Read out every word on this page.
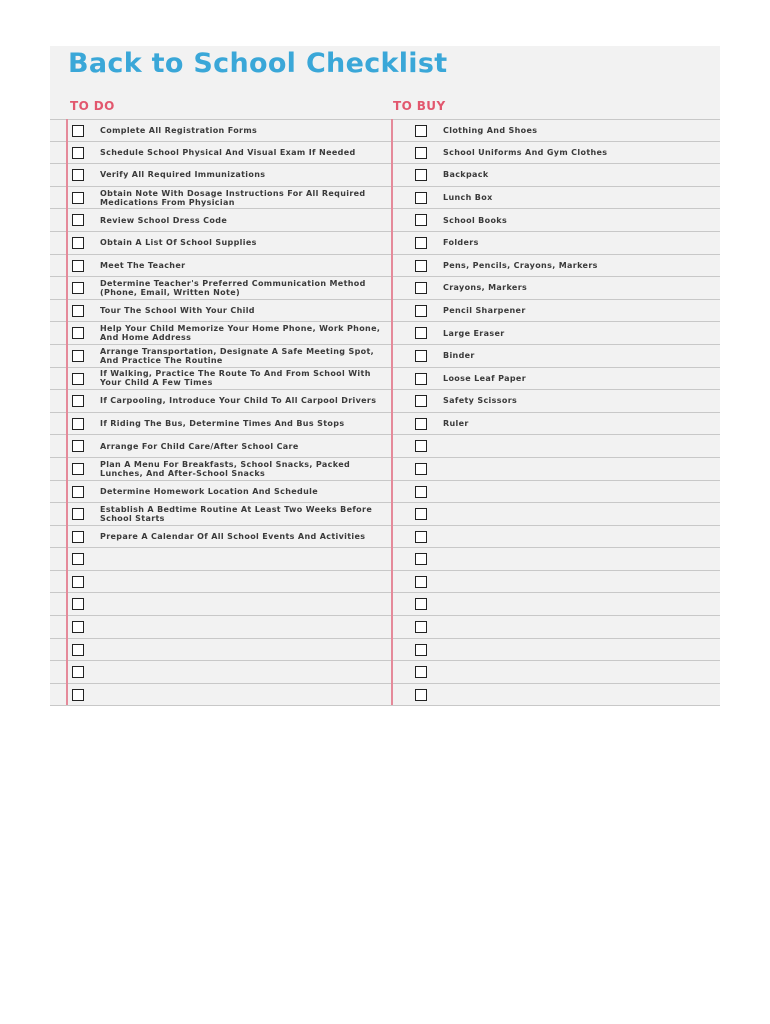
Back to School Checklist
TO DO	TO BUY
Complete All Registration Forms	Clothing And Shoes
Schedule School Physical And Visual Exam If Needed	School Uniforms And Gym Clothes
Verify All Required Immunizations	Backpack
Obtain Note With Dosage Instructions For All Required Medications From Physician	Lunch Box
Review School Dress Code	School Books
Obtain A List Of School Supplies	Folders
Meet The Teacher	Pens, Pencils, Crayons, Markers
Determine Teacher's Preferred Communication Method (Phone, Email, Written Note)	Crayons, Markers
Tour The School With Your Child	Pencil Sharpener
Help Your Child Memorize Your Home Phone, Work Phone, And Home Address	Large Eraser
Arrange Transportation, Designate A Safe Meeting Spot, And Practice The Routine	Binder
If Walking, Practice The Route To And From School With Your Child A Few Times	Loose Leaf Paper
If Carpooling, Introduce Your Child To All Carpool Drivers	Safety Scissors
If Riding The Bus, Determine Times And Bus Stops	Ruler
Arrange For Child Care/After School Care
Plan A Menu For Breakfasts, School Snacks, Packed Lunches, And After-School Snacks
Determine Homework Location And Schedule
Establish A Bedtime Routine At Least Two Weeks Before School Starts
Prepare A Calendar Of All School Events And Activities
